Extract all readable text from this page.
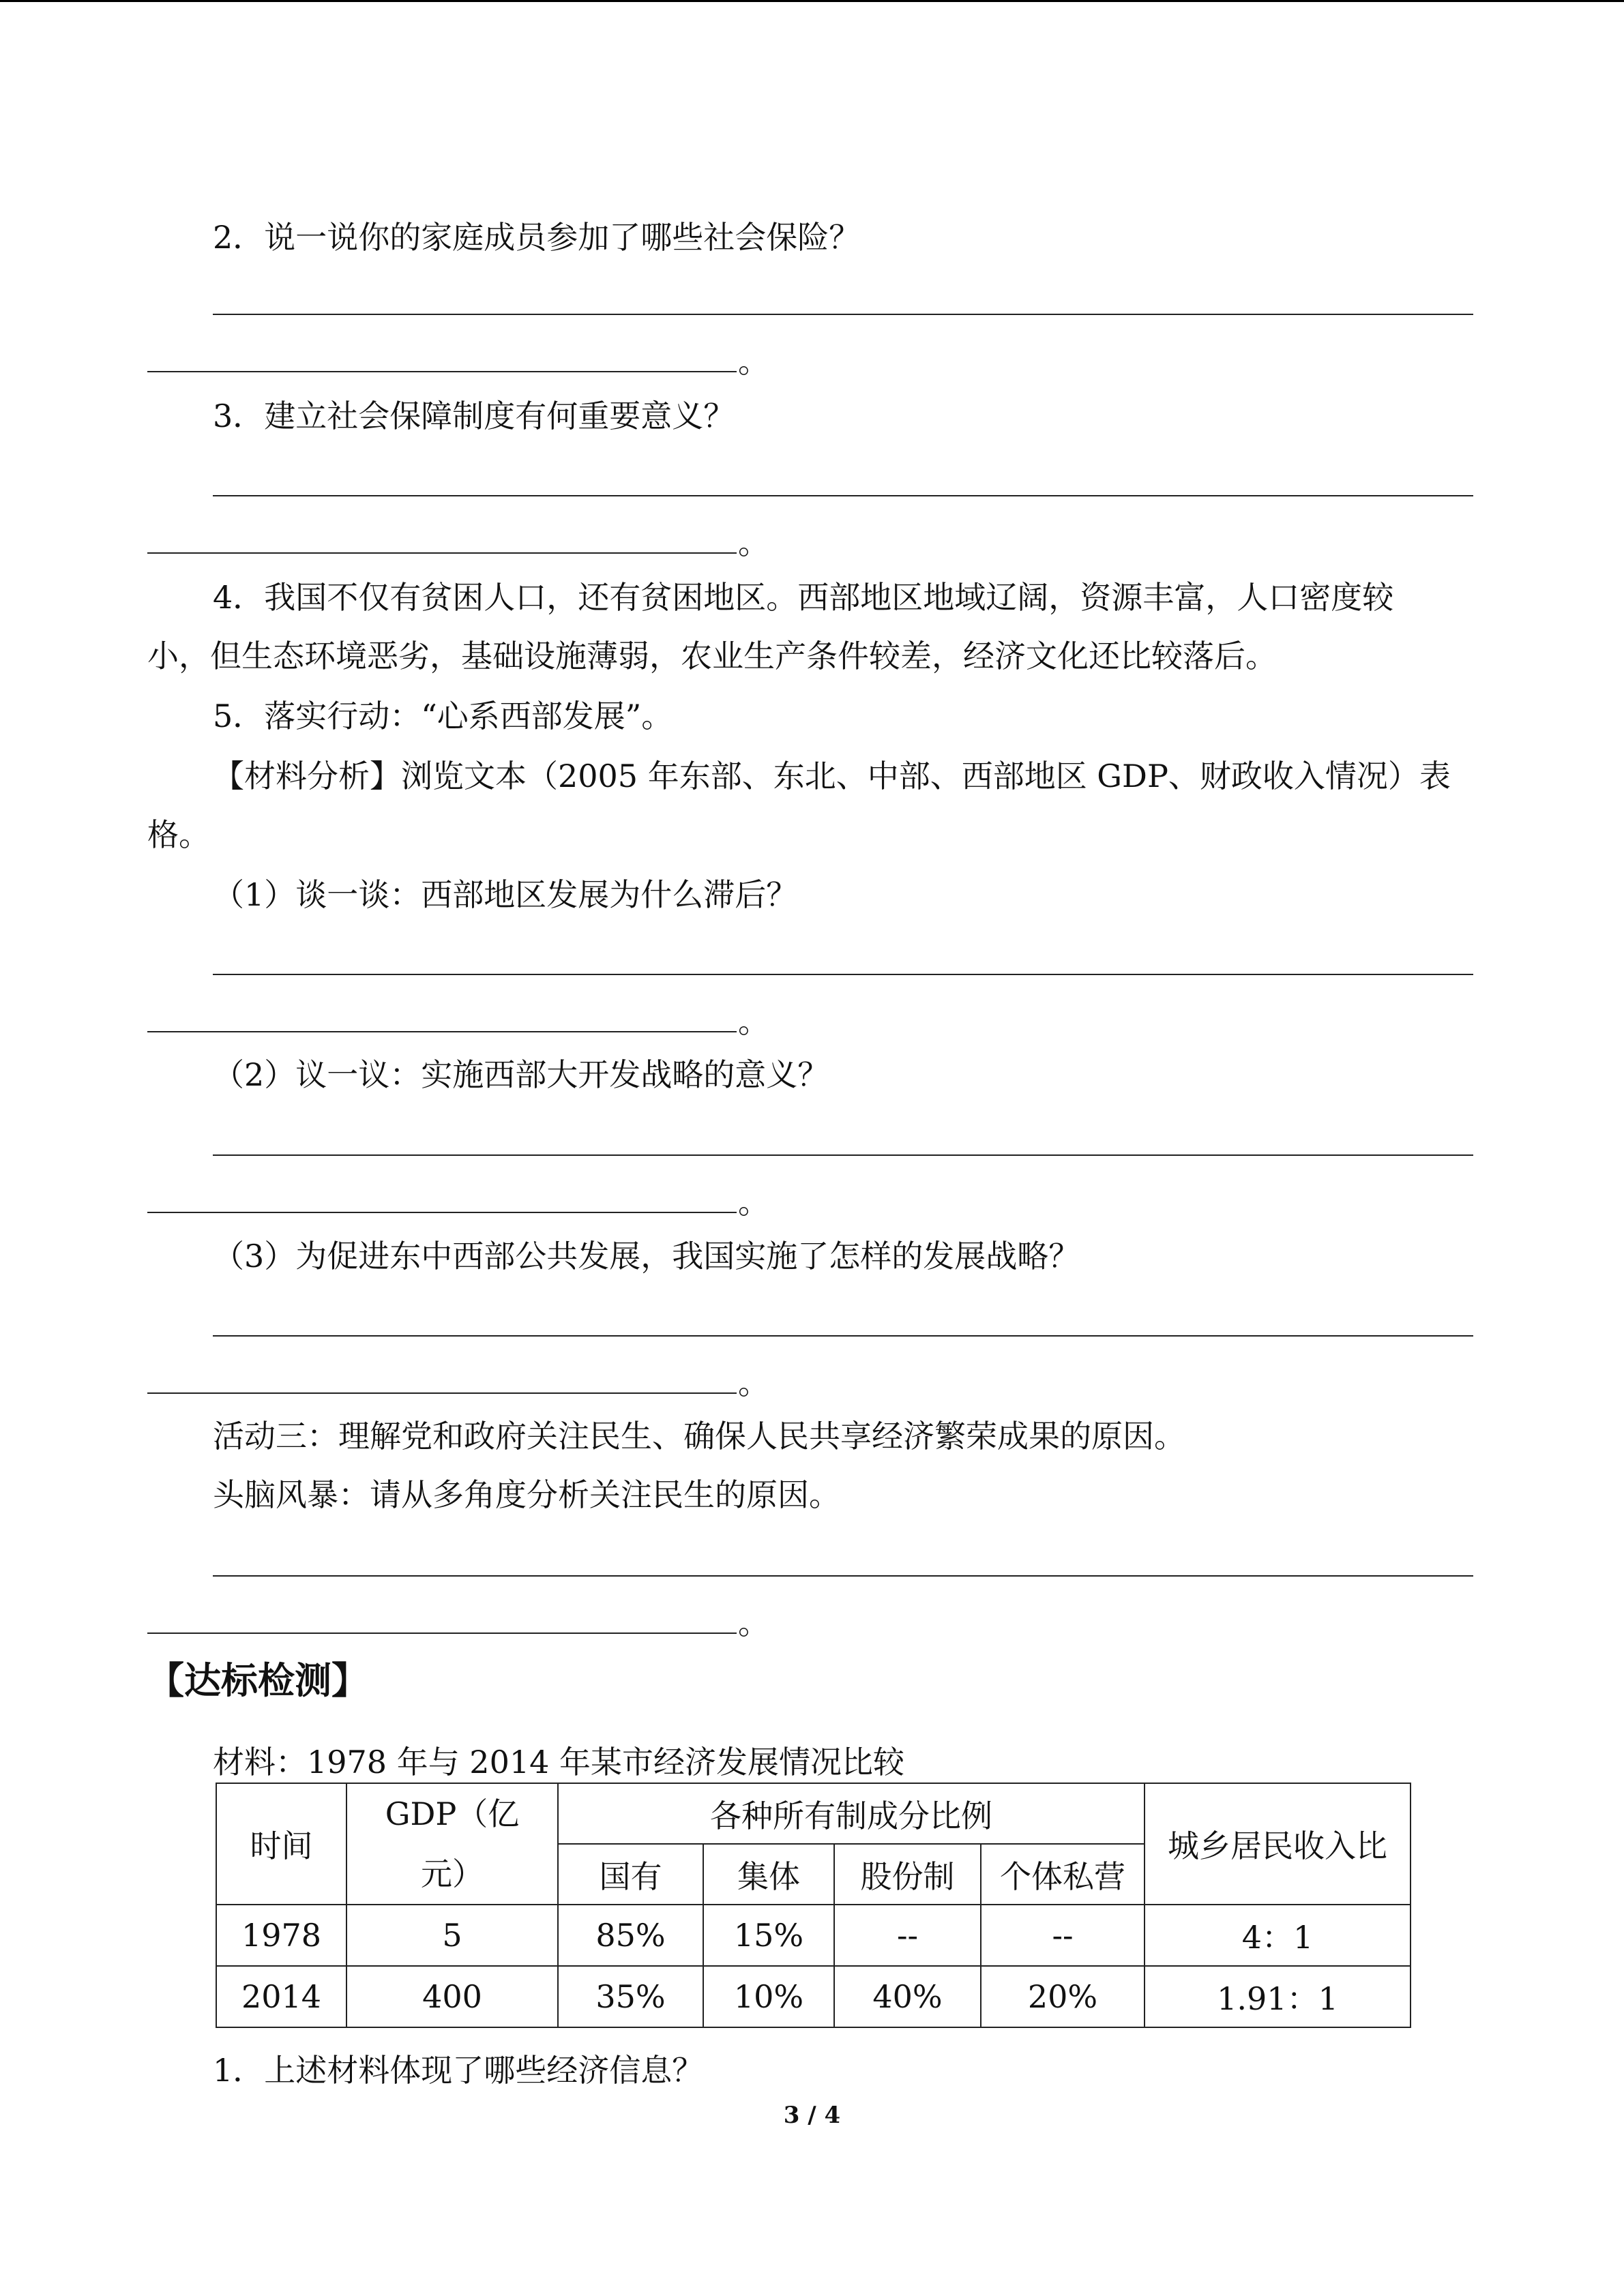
2．说一说你的家庭成员参加了哪些社会保险？
。
3．建立社会保障制度有何重要意义？
。
4．我国不仅有贫困人口，还有贫困地区。西部地区地域辽阔，资源丰富，人口密度较
小，但生态环境恶劣，基础设施薄弱，农业生产条件较差，经济文化还比较落后。
5．落实行动：“心系西部发展”。
【材料分析】浏览文本（2005 年东部、东北、中部、西部地区 GDP、财政收入情况）表
格。
（1）谈一谈：西部地区发展为什么滞后？
。
（2）议一议：实施西部大开发战略的意义？
。
（3）为促进东中西部公共发展，我国实施了怎样的发展战略？
。
活动三：理解党和政府关注民生、确保人民共享经济繁荣成果的原因。
头脑风暴：请从多角度分析关注民生的原因。
。
【达标检测】
材料：1978 年与 2014 年某市经济发展情况比较
时间	GDP（亿元）	各种所有制成分比例				城乡居民收入比
		国有	集体	股份制	个体私营	
1978	5	85%	15%	--	--	4：1
2014	400	35%	10%	40%	20%	1.91：1
1．上述材料体现了哪些经济信息？
3 / 4
